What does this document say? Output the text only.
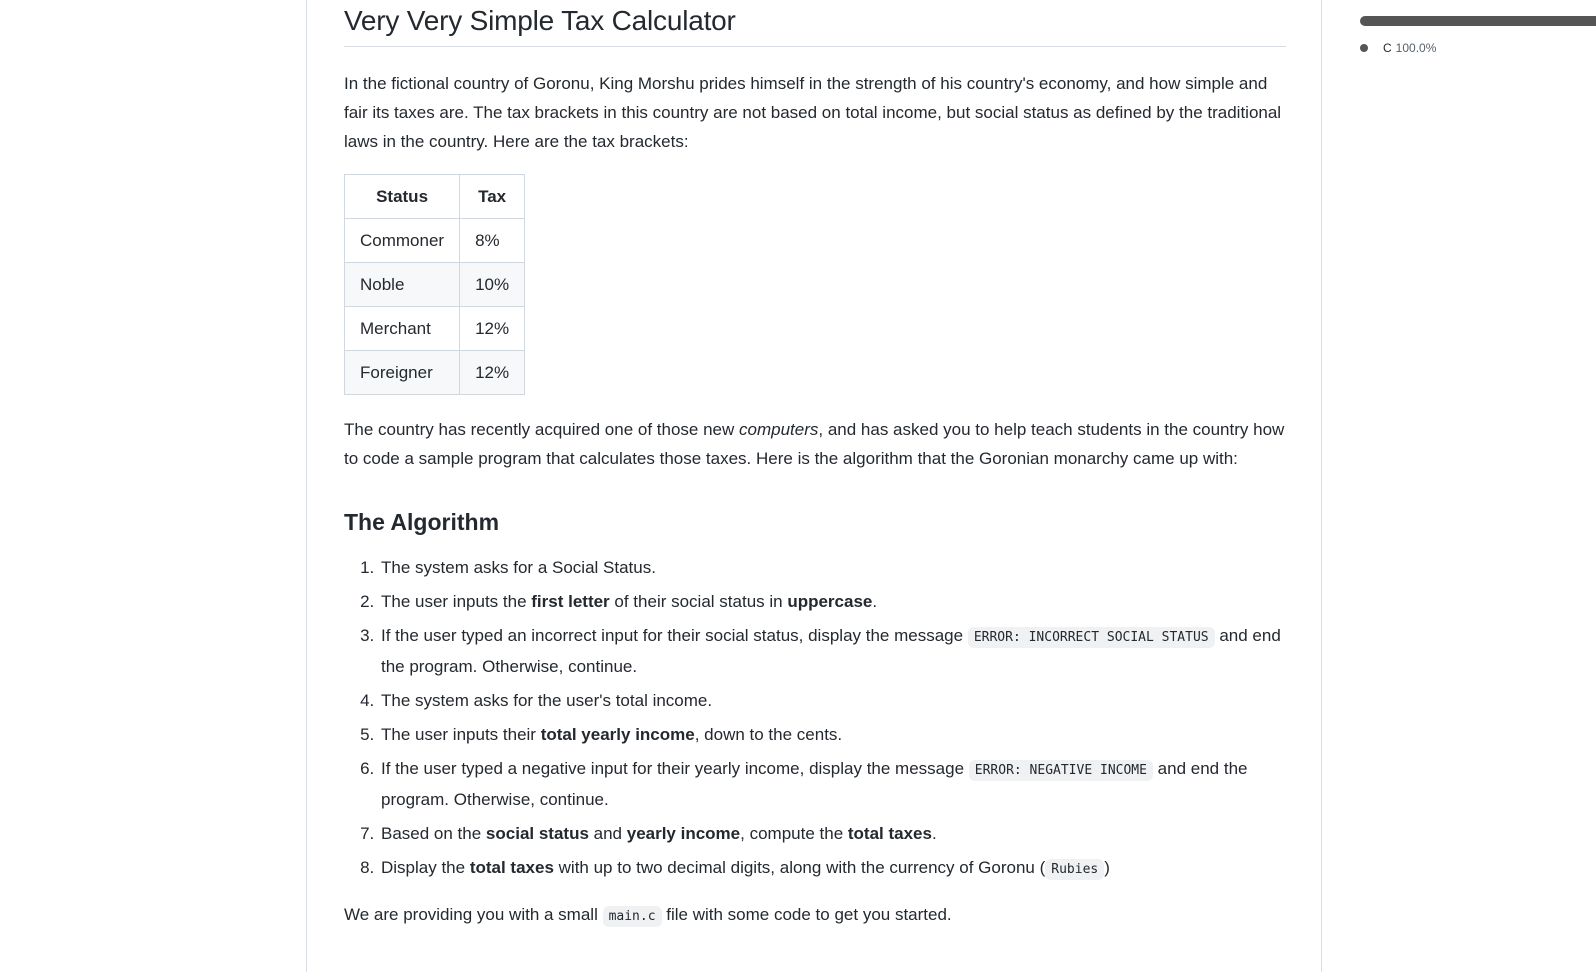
Very Very Simple Tax Calculator

In the fictional country of Goronu, King Morshu prides himself in the strength of his country's economy, and how simple and fair its taxes are. The tax brackets in this country are not based on total income, but social status as defined by the traditional laws in the country. Here are the tax brackets:

Status	Tax
Commoner	8%
Noble	10%
Merchant	12%
Foreigner	12%

The country has recently acquired one of those new computers, and has asked you to help teach students in the country how to code a sample program that calculates those taxes. Here is the algorithm that the Goronian monarchy came up with:

The Algorithm
1. The system asks for a Social Status.
2. The user inputs the first letter of their social status in uppercase.
3. If the user typed an incorrect input for their social status, display the message ERROR: INCORRECT SOCIAL STATUS and end the program. Otherwise, continue.
4. The system asks for the user's total income.
5. The user inputs their total yearly income, down to the cents.
6. If the user typed a negative input for their yearly income, display the message ERROR: NEGATIVE INCOME and end the program. Otherwise, continue.
7. Based on the social status and yearly income, compute the total taxes.
8. Display the total taxes with up to two decimal digits, along with the currency of Goronu ( Rubies )

We are providing you with a small main.c file with some code to get you started.

C 100.0%
